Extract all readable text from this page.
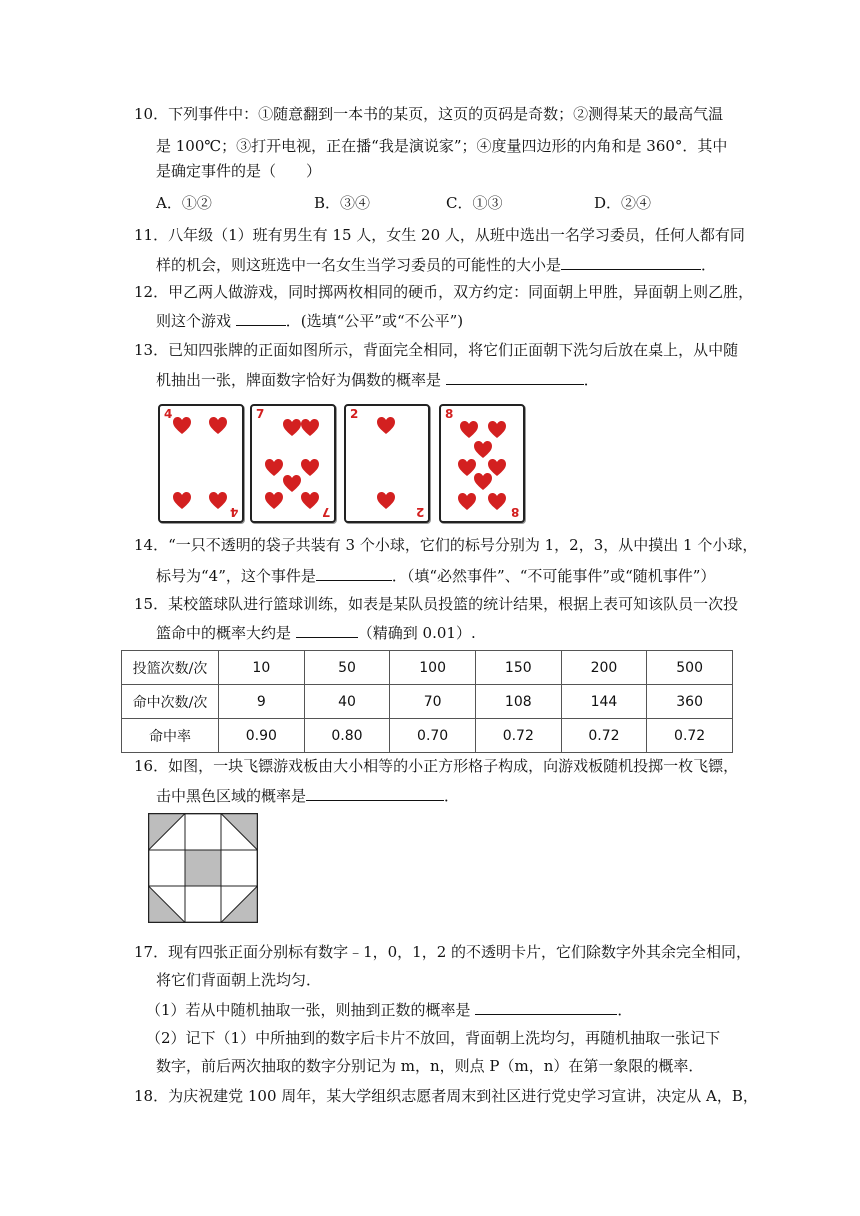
10．下列事件中：①随意翻到一本书的某页，这页的页码是奇数；②测得某天的最高气温
是 100℃；③打开电视，正在播“我是演说家”；④度量四边形的内角和是 360°．其中
是确定事件的是（　　）
A．①②	B．③④	C．①③	D．②④
11．八年级（1）班有男生有 15 人，女生 20 人，从班中选出一名学习委员，任何人都有同
样的机会，则这班选中一名女生当学习委员的可能性的大小是	．
12．甲乙两人做游戏，同时掷两枚相同的硬币，双方约定：同面朝上甲胜，异面朝上则乙胜，
则这个游戏	．(选填“公平”或“不公平”)
13．已知四张牌的正面如图所示，背面完全相同，将它们正面朝下洗匀后放在桌上，从中随
机抽出一张，牌面数字恰好为偶数的概率是	．
4
4
7
7
2
2
8
8
14．“一只不透明的袋子共装有 3 个小球，它们的标号分别为 1，2，3，从中摸出 1 个小球，
标号为“4”，这个事件是	．（填“必然事件”、“不可能事件”或“随机事件”）
15．某校篮球队进行篮球训练，如表是某队员投篮的统计结果，根据上表可知该队员一次投
篮命中的概率大约是	（精确到 0.01）.
投篮次数/次	10	50	100	150	200	500
命中次数/次	9	40	70	108	144	360
命中率	0.90	0.80	0.70	0.72	0.72	0.72
16．如图，一块飞镖游戏板由大小相等的小正方形格子构成，向游戏板随机投掷一枚飞镖，
击中黑色区域的概率是	．
17．现有四张正面分别标有数字﹣1，0，1，2 的不透明卡片，它们除数字外其余完全相同，
将它们背面朝上洗均匀．
（1）若从中随机抽取一张，则抽到正数的概率是	．
（2）记下（1）中所抽到的数字后卡片不放回，背面朝上洗均匀，再随机抽取一张记下
数字，前后两次抽取的数字分别记为 m，n，则点 P（m，n）在第一象限的概率．
18．为庆祝建党 100 周年，某大学组织志愿者周末到社区进行党史学习宣讲，决定从 A，B，
